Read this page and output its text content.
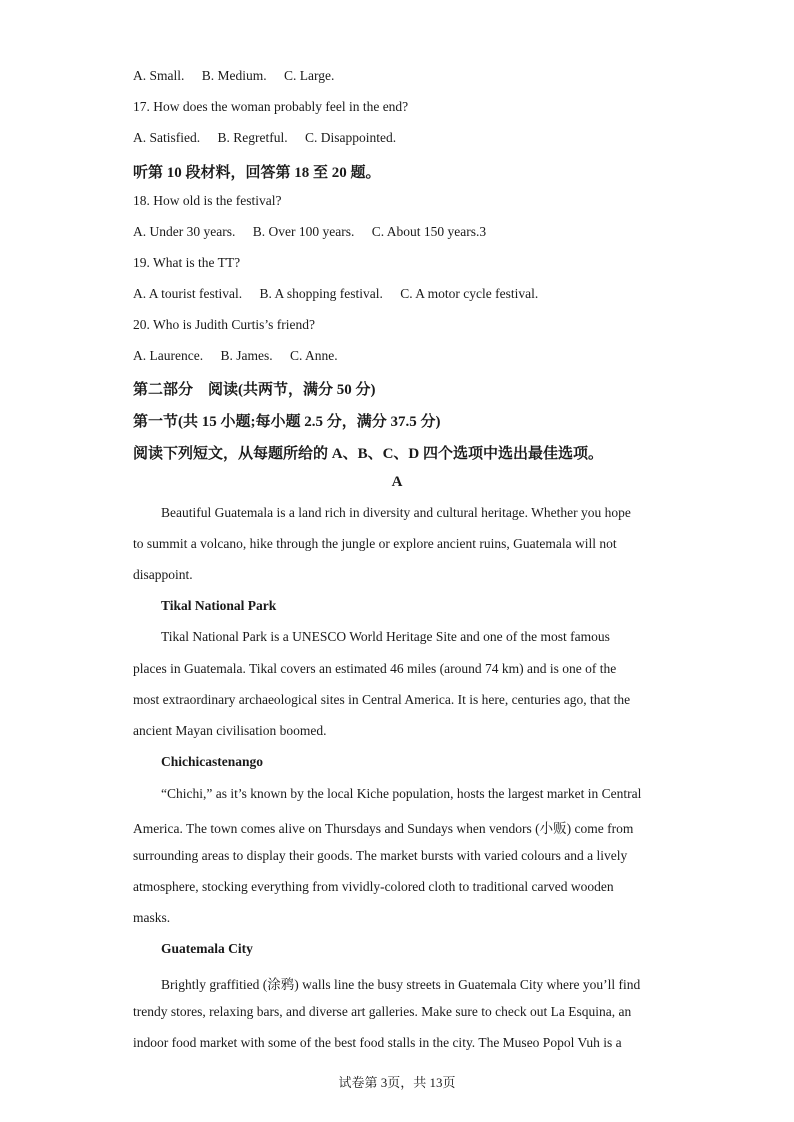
A. Small. B. Medium. C. Large.
17. How does the woman probably feel in the end?
A. Satisfied. B. Regretful. C. Disappointed.
听第 10 段材料，回答第 18 至 20 题。
18. How old is the festival?
A. Under 30 years. B. Over 100 years. C. About 150 years.3
19. What is the TT?
A. A tourist festival. B. A shopping festival. C. A motor cycle festival.
20. Who is Judith Curtis’s friend?
A. Laurence. B. James. C. Anne.
第二部分　阅读(共两节，满分 50 分)
第一节(共 15 小题;每小题 2.5 分，满分 37.5 分)
阅读下列短文，从每题所给的 A、B、C、D 四个选项中选出最佳选项。
A
Beautiful Guatemala is a land rich in diversity and cultural heritage. Whether you hope
to summit a volcano, hike through the jungle or explore ancient ruins, Guatemala will not
disappoint.
Tikal National Park
Tikal National Park is a UNESCO World Heritage Site and one of the most famous
places in Guatemala. Tikal covers an estimated 46 miles (around 74 km) and is one of the
most extraordinary archaeological sites in Central America. It is here, centuries ago, that the
ancient Mayan civilisation boomed.
Chichicastenango
“Chichi,” as it’s known by the local Kiche population, hosts the largest market in Central
America. The town comes alive on Thursdays and Sundays when vendors (小贩) come from
surrounding areas to display their goods. The market bursts with varied colours and a lively
atmosphere, stocking everything from vividly-colored cloth to traditional carved wooden
masks.
Guatemala City
Brightly graffitied (涂鸦) walls line the busy streets in Guatemala City where you’ll find
trendy stores, relaxing bars, and diverse art galleries. Make sure to check out La Esquina, an
indoor food market with some of the best food stalls in the city. The Museo Popol Vuh is a
试卷第 3页，共 13页
